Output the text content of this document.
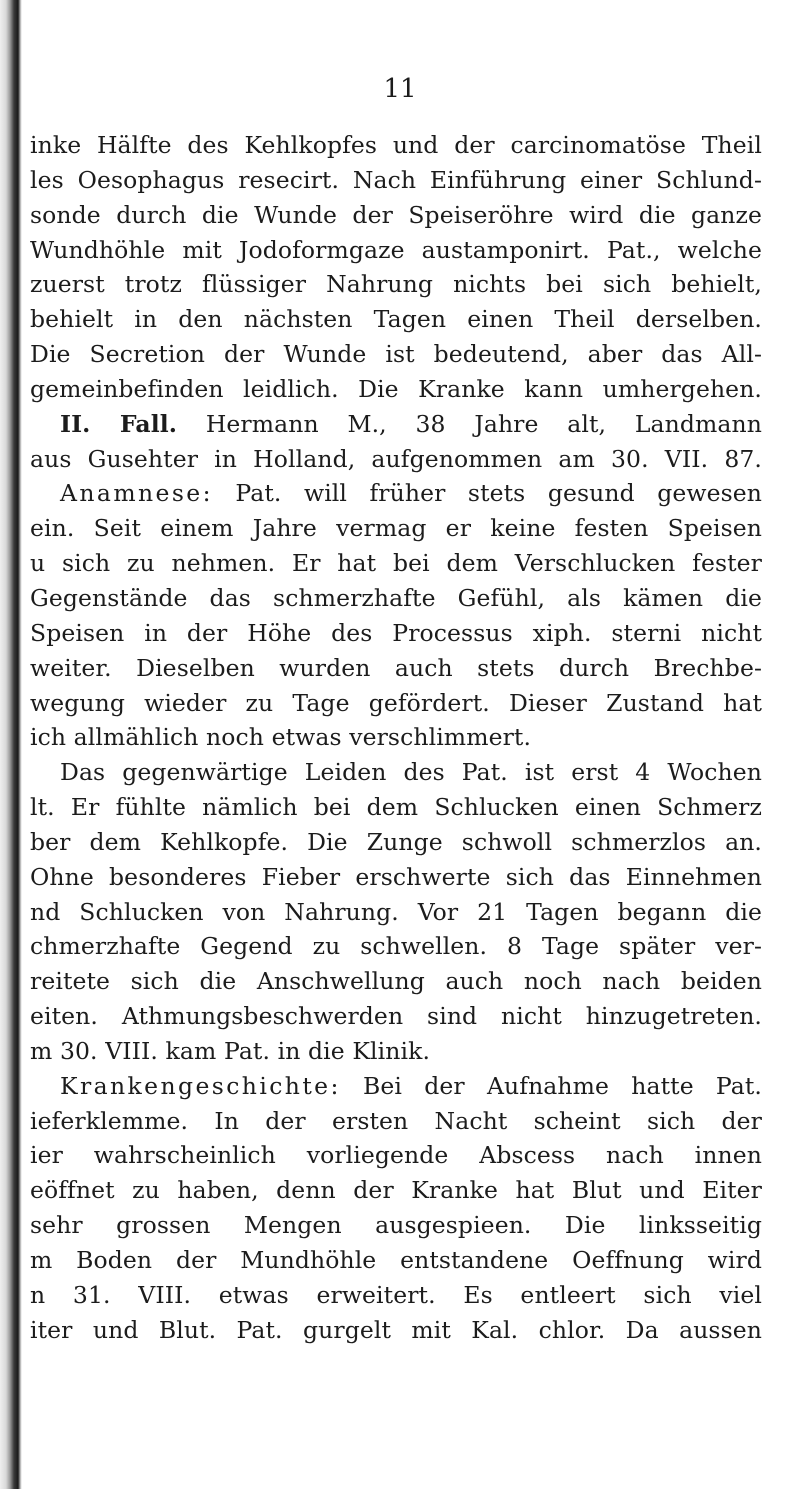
11
inke Hälfte des Kehlkopfes und der carcinomatöse Theil
les Oesophagus resecirt. Nach Einführung einer Schlund-
sonde durch die Wunde der Speiseröhre wird die ganze
Wundhöhle mit Jodoformgaze austamponirt. Pat., welche
zuerst trotz flüssiger Nahrung nichts bei sich behielt,
behielt in den nächsten Tagen einen Theil derselben.
Die Secretion der Wunde ist bedeutend, aber das All-
gemeinbefinden leidlich. Die Kranke kann umhergehen.
II. Fall. Hermann M., 38 Jahre alt, Landmann
aus Gusehter in Holland, aufgenommen am 30. VII. 87.
Anamnese: Pat. will früher stets gesund gewesen
ein. Seit einem Jahre vermag er keine festen Speisen
u sich zu nehmen. Er hat bei dem Verschlucken fester
Gegenstände das schmerzhafte Gefühl, als kämen die
Speisen in der Höhe des Processus xiph. sterni nicht
weiter. Dieselben wurden auch stets durch Brechbe-
wegung wieder zu Tage gefördert. Dieser Zustand hat
ich allmählich noch etwas verschlimmert.
Das gegenwärtige Leiden des Pat. ist erst 4 Wochen
lt. Er fühlte nämlich bei dem Schlucken einen Schmerz
ber dem Kehlkopfe. Die Zunge schwoll schmerzlos an.
Ohne besonderes Fieber erschwerte sich das Einnehmen
nd Schlucken von Nahrung. Vor 21 Tagen begann die
chmerzhafte Gegend zu schwellen. 8 Tage später ver-
reitete sich die Anschwellung auch noch nach beiden
eiten. Athmungsbeschwerden sind nicht hinzugetreten.
m 30. VIII. kam Pat. in die Klinik.
Krankengeschichte: Bei der Aufnahme hatte Pat.
ieferklemme. In der ersten Nacht scheint sich der
ier wahrscheinlich vorliegende Abscess nach innen
eöffnet zu haben, denn der Kranke hat Blut und Eiter
sehr grossen Mengen ausgespieen. Die linksseitig
m Boden der Mundhöhle entstandene Oeffnung wird
n 31. VIII. etwas erweitert. Es entleert sich viel
iter und Blut. Pat. gurgelt mit Kal. chlor. Da aussen
